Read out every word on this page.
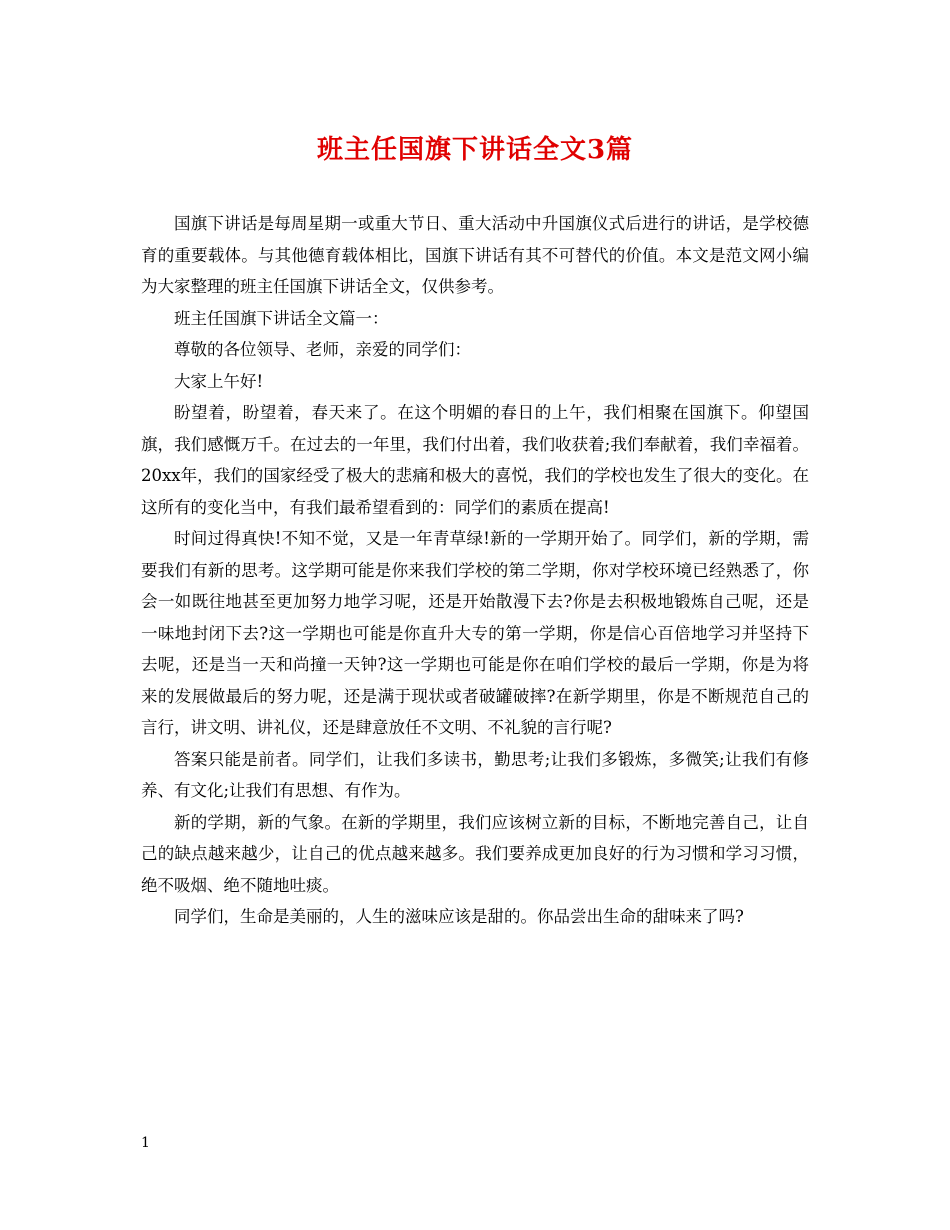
班主任国旗下讲话全文3篇

国旗下讲话是每周星期一或重大节日、重大活动中升国旗仪式后进行的讲话，是学校德育的重要载体。与其他德育载体相比，国旗下讲话有其不可替代的价值。本文是范文网小编为大家整理的班主任国旗下讲话全文，仅供参考。

班主任国旗下讲话全文篇一：

尊敬的各位领导、老师，亲爱的同学们：

大家上午好!

盼望着，盼望着，春天来了。在这个明媚的春日的上午，我们相聚在国旗下。仰望国旗，我们感慨万千。在过去的一年里，我们付出着，我们收获着;我们奉献着，我们幸福着。20xx年，我们的国家经受了极大的悲痛和极大的喜悦，我们的学校也发生了很大的变化。在这所有的变化当中，有我们最希望看到的：同学们的素质在提高!

时间过得真快!不知不觉，又是一年青草绿!新的一学期开始了。同学们，新的学期，需要我们有新的思考。这学期可能是你来我们学校的第二学期，你对学校环境已经熟悉了，你会一如既往地甚至更加努力地学习呢，还是开始散漫下去?你是去积极地锻炼自己呢，还是一味地封闭下去?这一学期也可能是你直升大专的第一学期，你是信心百倍地学习并坚持下去呢，还是当一天和尚撞一天钟?这一学期也可能是你在咱们学校的最后一学期，你是为将来的发展做最后的努力呢，还是满于现状或者破罐破摔?在新学期里，你是不断规范自己的言行，讲文明、讲礼仪，还是肆意放任不文明、不礼貌的言行呢?

答案只能是前者。同学们，让我们多读书，勤思考;让我们多锻炼，多微笑;让我们有修养、有文化;让我们有思想、有作为。

新的学期，新的气象。在新的学期里，我们应该树立新的目标，不断地完善自己，让自己的缺点越来越少，让自己的优点越来越多。我们要养成更加良好的行为习惯和学习习惯，绝不吸烟、绝不随地吐痰。

同学们，生命是美丽的，人生的滋味应该是甜的。你品尝出生命的甜味来了吗?

1
